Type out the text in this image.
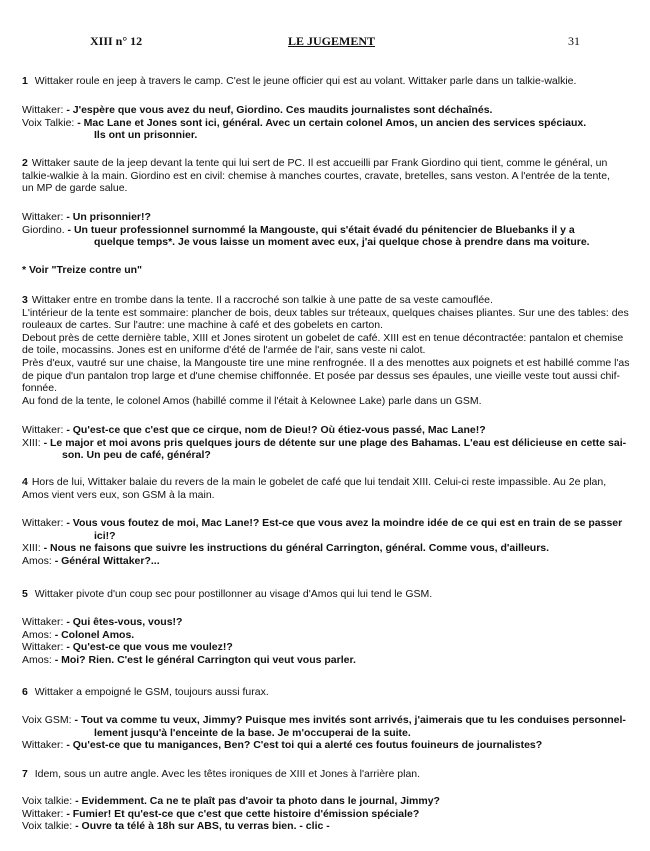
XIII n° 12	LE JUGEMENT	31
1 Wittaker roule en jeep à travers le camp. C'est le jeune officier qui est au volant. Wittaker parle dans un talkie-walkie.
Wittaker:
- J'espère que vous avez du neuf, Giordino. Ces maudits journalistes sont déchaînés.
Voix Talkie:
- Mac Lane et Jones sont ici, général. Avec un certain colonel Amos, un ancien des services spéciaux.
Ils ont un prisonnier.
2 Wittaker saute de la jeep devant la tente qui lui sert de PC. Il est accueilli par Frank Giordino qui tient, comme le général, un
talkie-walkie à la main. Giordino est en civil: chemise à manches courtes, cravate, bretelles, sans veston. A l'entrée de la tente,
un MP de garde salue.
Wittaker:
- Un prisonnier!?
Giordino.
- Un tueur professionnel surnommé la Mangouste, qui s'était évadé du pénitencier de Bluebanks il y a
quelque temps*. Je vous laisse un moment avec eux, j'ai quelque chose à prendre dans ma voiture.
* Voir "Treize contre un"
3 Wittaker entre en trombe dans la tente. Il a raccroché son talkie à une patte de sa veste camouflée.
L'intérieur de la tente est sommaire: plancher de bois, deux tables sur tréteaux, quelques chaises pliantes. Sur une des tables: des
rouleaux de cartes. Sur l'autre: une machine à café et des gobelets en carton.
Debout près de cette dernière table, XIII et Jones sirotent un gobelet de café. XIII est en tenue décontractée: pantalon et chemise
de toile, mocassins. Jones est en uniforme d'été de l'armée de l'air, sans veste ni calot.
Près d'eux, vautré sur une chaise, la Mangouste tire une mine renfrognée. Il a des menottes aux poignets et est habillé comme l'as
de pique d'un pantalon trop large et d'une chemise chiffonnée. Et posée par dessus ses épaules, une vieille veste tout aussi chif-
fonnée.
Au fond de la tente, le colonel Amos (habillé comme il l'était à Kelownee Lake) parle dans un GSM.
Wittaker:
- Qu'est-ce que c'est que ce cirque, nom de Dieu!? Où étiez-vous passé, Mac Lane!?
XIII:
- Le major et moi avons pris quelques jours de détente sur une plage des Bahamas. L'eau est délicieuse en cette sai-
son. Un peu de café, général?
4 Hors de lui, Wittaker balaie du revers de la main le gobelet de café que lui tendait XIII. Celui-ci reste impassible. Au 2e plan,
Amos vient vers eux, son GSM à la main.
Wittaker:
- Vous vous foutez de moi, Mac Lane!? Est-ce que vous avez la moindre idée de ce qui est en train de se passer
ici!?
XIII:
- Nous ne faisons que suivre les instructions du général Carrington, général. Comme vous, d'ailleurs.
Amos:
- Général Wittaker?...
5 Wittaker pivote d'un coup sec pour postillonner au visage d'Amos qui lui tend le GSM.
Wittaker:
- Qui êtes-vous, vous!?
Amos:
- Colonel Amos.
Wittaker:
- Qu'est-ce que vous me voulez!?
Amos:
- Moi? Rien. C'est le général Carrington qui veut vous parler.
6 Wittaker a empoigné le GSM, toujours aussi furax.
Voix GSM:
- Tout va comme tu veux, Jimmy? Puisque mes invités sont arrivés, j'aimerais que tu les conduises personnel-
lement jusqu'à l'enceinte de la base. Je m'occuperai de la suite.
Wittaker:
- Qu'est-ce que tu manigances, Ben? C'est toi qui a alerté ces foutus fouineurs de journalistes?
7 Idem, sous un autre angle. Avec les têtes ironiques de XIII et Jones à l'arrière plan.
Voix talkie:
- Evidemment. Ca ne te plaît pas d'avoir ta photo dans le journal, Jimmy?
Wittaker:
- Fumier! Et qu'est-ce que c'est que cette histoire d'émission spéciale?
Voix talkie:
- Ouvre ta télé à 18h sur ABS, tu verras bien. - clic -
